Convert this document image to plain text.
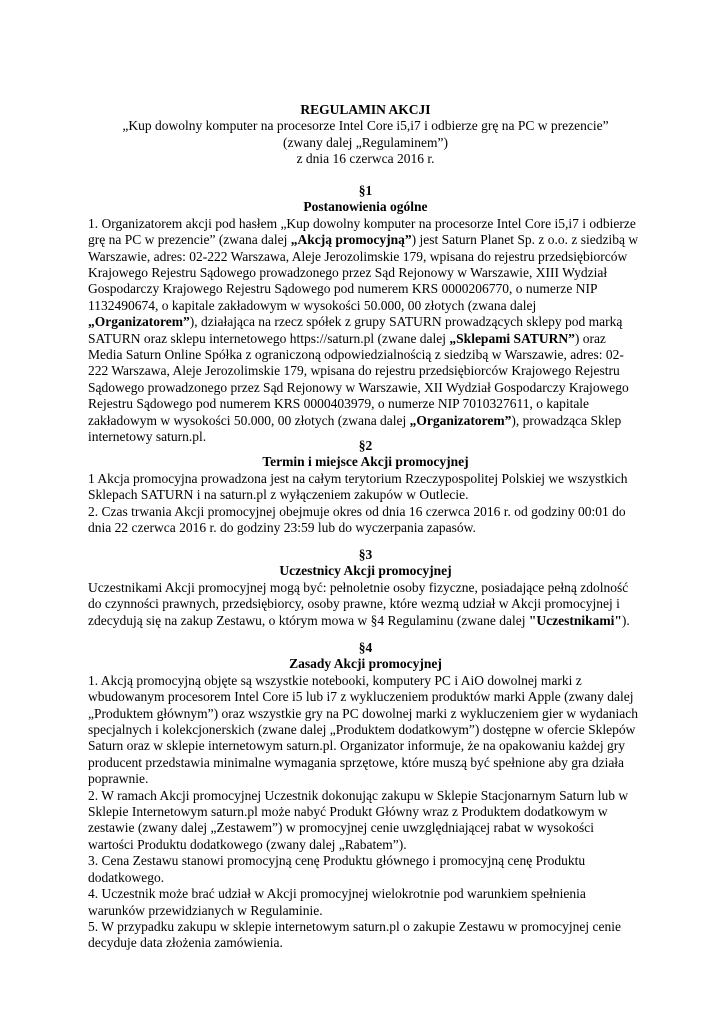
REGULAMIN AKCJI

„Kup dowolny komputer na procesorze Intel Core i5,i7 i odbierze grę na PC w prezencie”

(zwany dalej „Regulaminem”)

z dnia 16 czerwca 2016 r.

§1

Postanowienia ogólne

1. Organizatorem akcji pod hasłem „Kup dowolny komputer na procesorze Intel Core i5,i7 i odbierze grę na PC w prezencie” (zwana dalej „Akcją promocyjną”) jest Saturn Planet Sp. z o.o. z siedzibą w Warszawie, adres: 02-222 Warszawa, Aleje Jerozolimskie 179, wpisana do rejestru przedsiębiorców Krajowego Rejestru Sądowego prowadzonego przez Sąd Rejonowy w Warszawie, XIII Wydział Gospodarczy Krajowego Rejestru Sądowego pod numerem KRS 0000206770, o numerze NIP 1132490674, o kapitale zakładowym w wysokości 50.000, 00 złotych (zwana dalej „Organizatorem”), działająca na rzecz spółek z grupy SATURN prowadzących sklepy pod marką SATURN oraz sklepu internetowego https://saturn.pl (zwane dalej „Sklepami SATURN”) oraz Media Saturn Online Spółka z ograniczoną odpowiedzialnością z siedzibą w Warszawie, adres: 02-222 Warszawa, Aleje Jerozolimskie 179, wpisana do rejestru przedsiębiorców Krajowego Rejestru Sądowego prowadzonego przez Sąd Rejonowy w Warszawie, XII Wydział Gospodarczy Krajowego Rejestru Sądowego pod numerem KRS 0000403979, o numerze NIP 7010327611, o kapitale zakładowym w wysokości 50.000, 00 złotych (zwana dalej „Organizatorem”), prowadząca Sklep internetowy saturn.pl.

§2

Termin i miejsce Akcji promocyjnej

1 Akcja promocyjna prowadzona jest na całym terytorium Rzeczypospolitej Polskiej we wszystkich Sklepach SATURN i na saturn.pl z wyłączeniem zakupów w Outlecie.

2. Czas trwania Akcji promocyjnej obejmuje okres od dnia 16 czerwca 2016 r. od godziny 00:01 do dnia 22 czerwca 2016 r. do godziny 23:59 lub do wyczerpania zapasów.

§3

Uczestnicy Akcji promocyjnej

Uczestnikami Akcji promocyjnej mogą być: pełnoletnie osoby fizyczne, posiadające pełną zdolność do czynności prawnych, przedsiębiorcy, osoby prawne, które wezmą udział w Akcji promocyjnej i zdecydują się na zakup Zestawu, o którym mowa w §4 Regulaminu (zwane dalej "Uczestnikami").

§4

Zasady Akcji promocyjnej

1. Akcją promocyjną objęte są wszystkie notebooki, komputery PC i AiO dowolnej marki z wbudowanym procesorem Intel Core i5 lub i7 z wykluczeniem produktów marki Apple (zwany dalej „Produktem głównym”) oraz wszystkie gry na PC dowolnej marki z wykluczeniem gier w wydaniach specjalnych i kolekcjonerskich (zwane dalej „Produktem dodatkowym”) dostępne w ofercie Sklepów Saturn oraz w sklepie internetowym saturn.pl. Organizator informuje, że na opakowaniu każdej gry producent przedstawia minimalne wymagania sprzętowe, które muszą być spełnione aby gra działa poprawnie.

2. W ramach Akcji promocyjnej Uczestnik dokonując zakupu w Sklepie Stacjonarnym Saturn lub w Sklepie Internetowym saturn.pl może nabyć Produkt Główny wraz z Produktem dodatkowym w zestawie (zwany dalej „Zestawem”) w promocyjnej cenie uwzględniającej rabat w wysokości wartości Produktu dodatkowego (zwany dalej „Rabatem”).

3. Cena Zestawu stanowi promocyjną cenę Produktu głównego i promocyjną cenę Produktu dodatkowego.

4. Uczestnik może brać udział w Akcji promocyjnej wielokrotnie pod warunkiem spełnienia warunków przewidzianych w Regulaminie.

5. W przypadku zakupu w sklepie internetowym saturn.pl o zakupie Zestawu w promocyjnej cenie decyduje data złożenia zamówienia.
